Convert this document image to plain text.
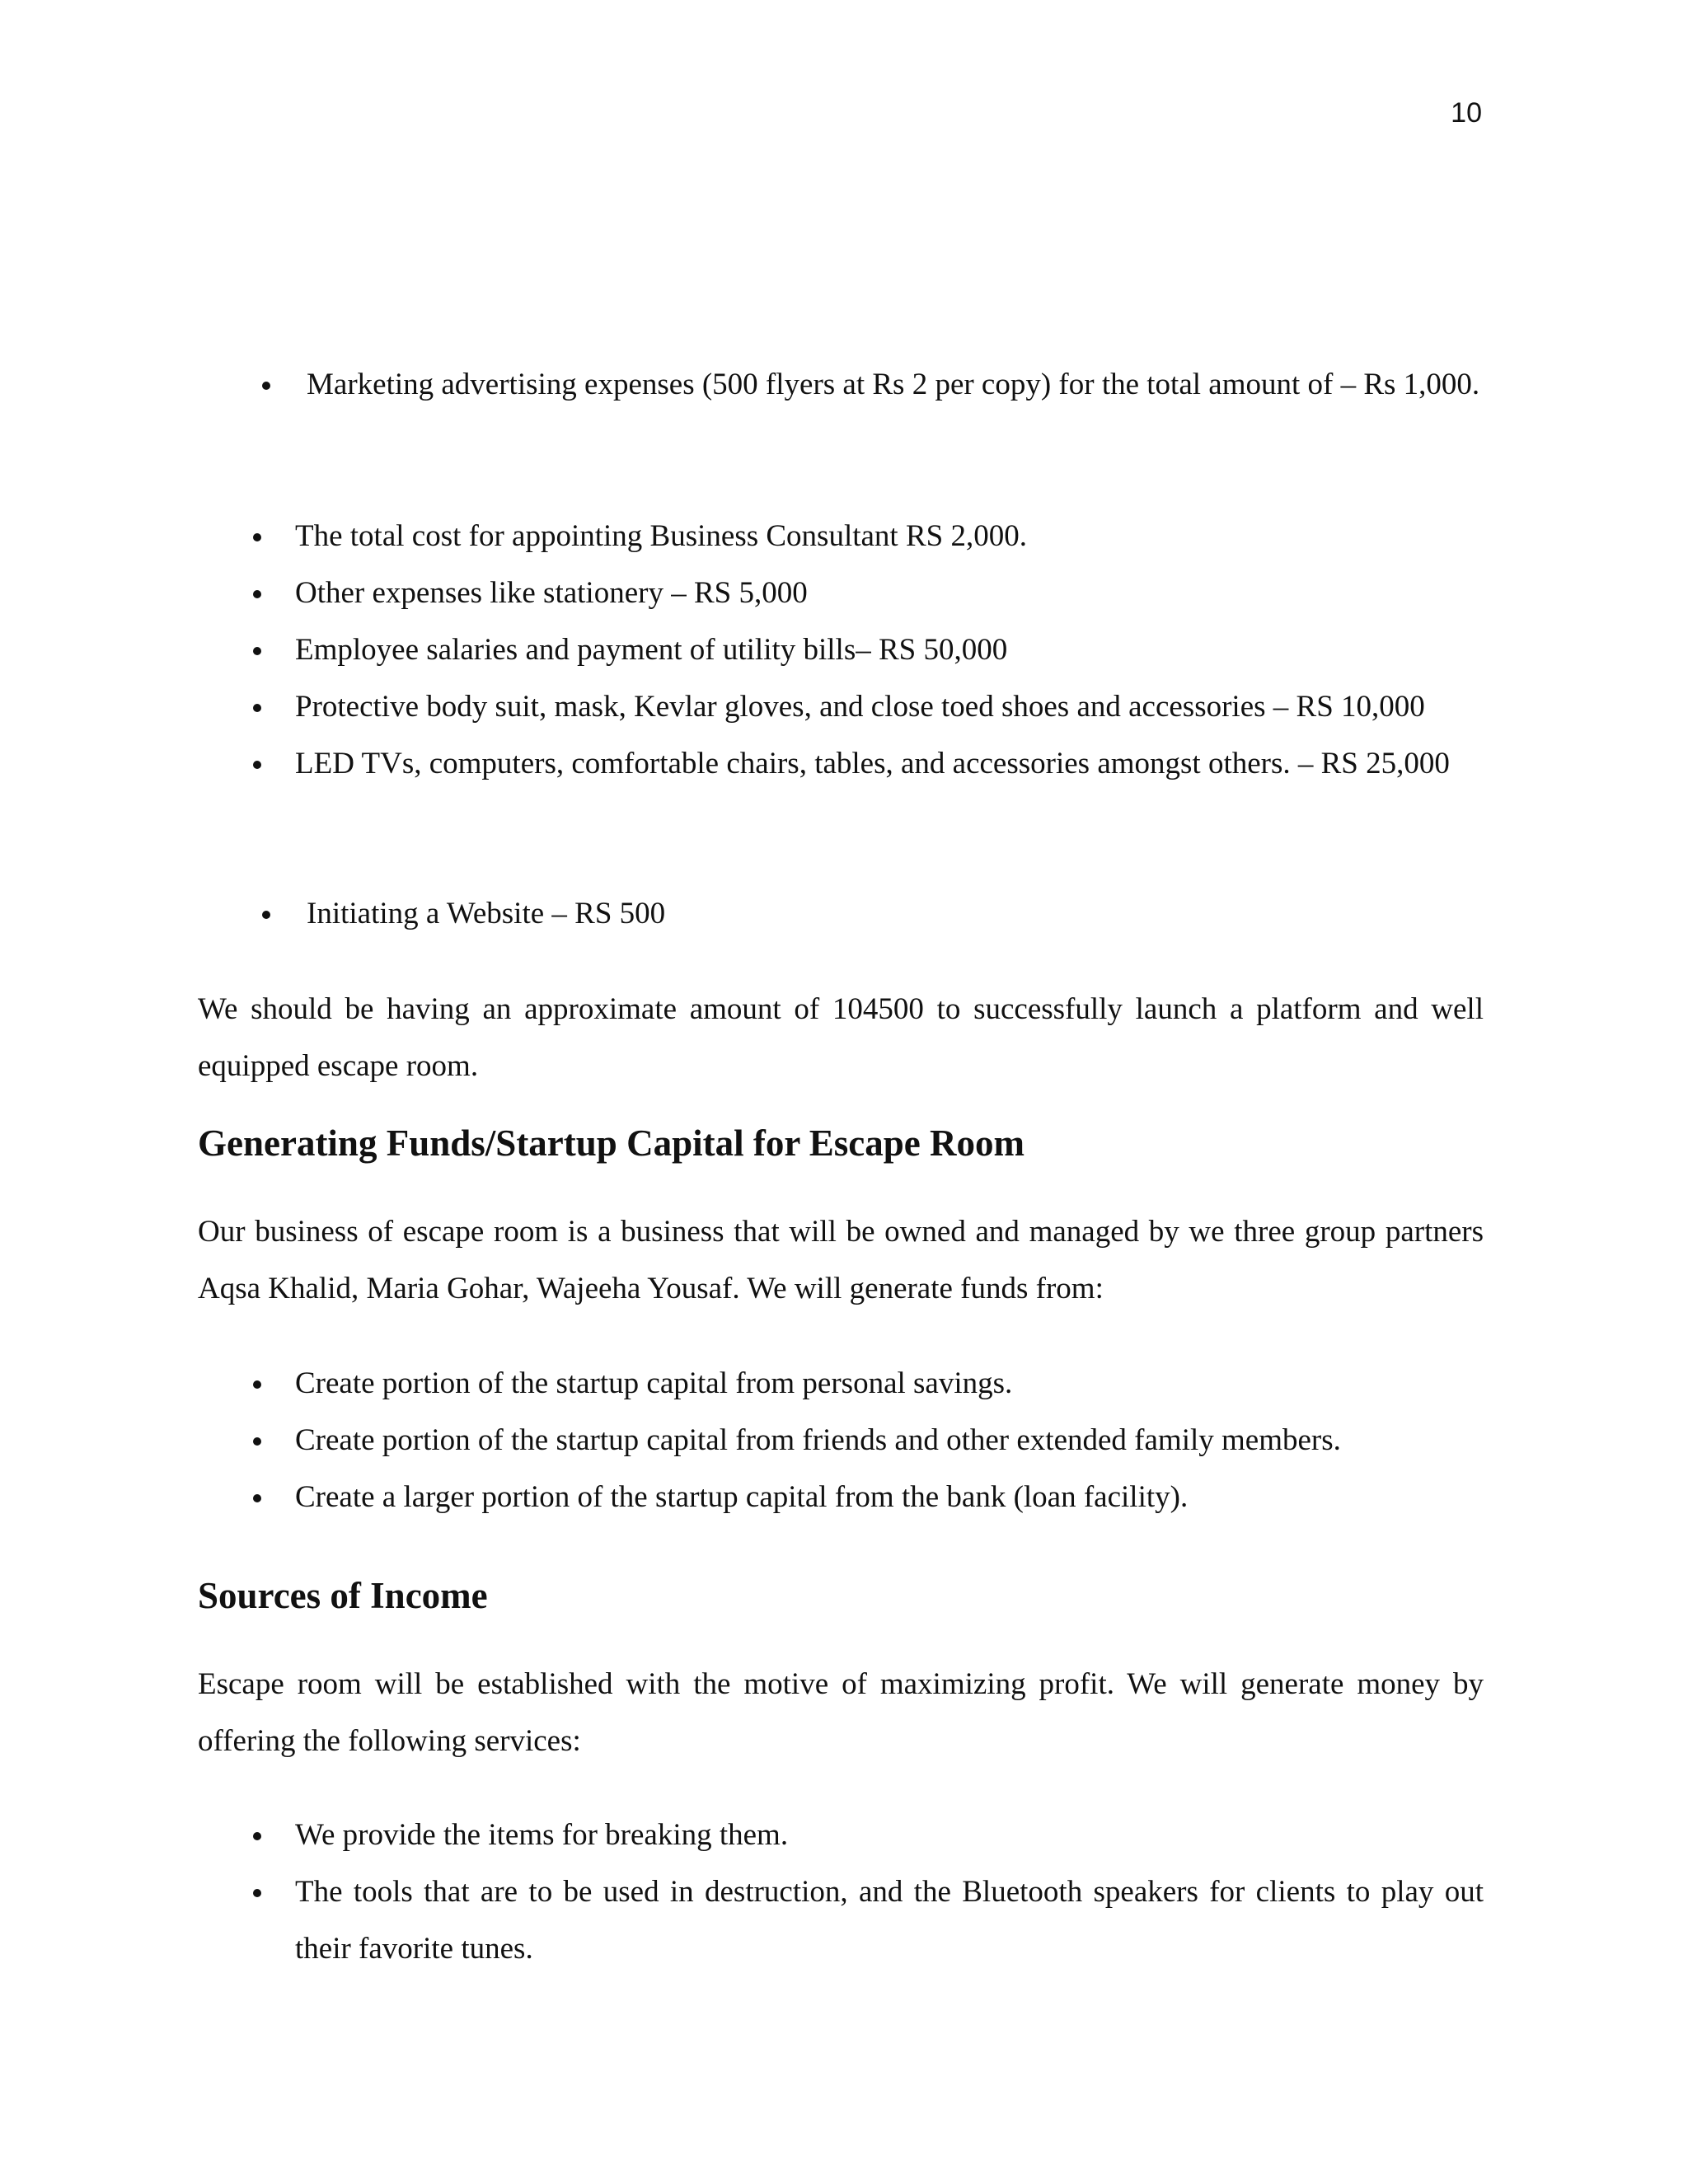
10
Marketing advertising expenses (500 flyers at Rs 2 per copy) for the total amount of – Rs 1,000.
The total cost for appointing Business Consultant RS 2,000.
Other expenses like stationery – RS 5,000
Employee salaries and payment of utility bills– RS 50,000
Protective body suit, mask, Kevlar gloves, and close toed shoes and accessories – RS 10,000
LED TVs, computers, comfortable chairs, tables, and accessories amongst others. – RS 25,000
Initiating a Website – RS 500

We should be having an approximate amount of 104500 to successfully launch a platform and well equipped escape room.

Generating Funds/Startup Capital for Escape Room

Our business of escape room is a business that will be owned and managed by we three group partners Aqsa Khalid, Maria Gohar, Wajeeha Yousaf. We will generate funds from:

Create portion of the startup capital from personal savings.
Create portion of the startup capital from friends and other extended family members.
Create a larger portion of the startup capital from the bank (loan facility).
Sources of Income

Escape room will be established with the motive of maximizing profit. We will generate money by offering the following services:

We provide the items for breaking them.
The tools that are to be used in destruction, and the Bluetooth speakers for clients to play out their favorite tunes.
